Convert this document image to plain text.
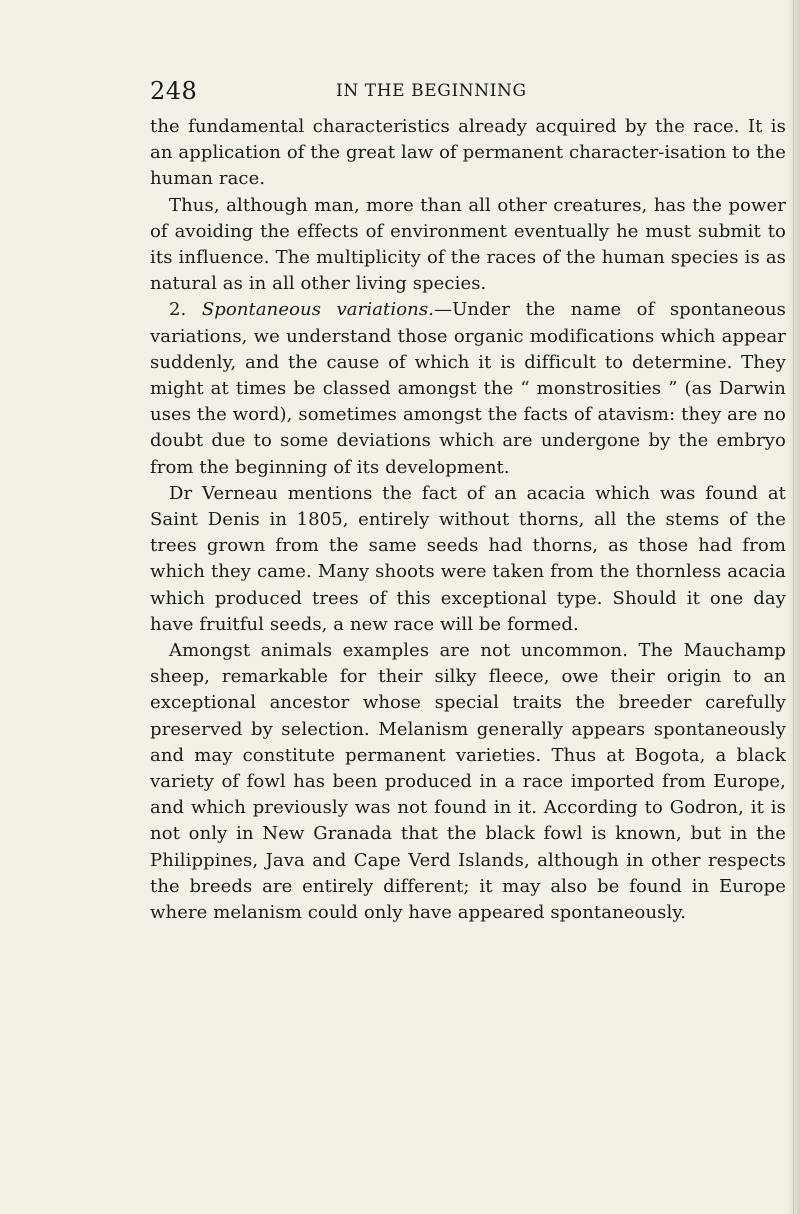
248	IN THE BEGINNING

the fundamental characteristics already acquired by the race. It is an application of the great law of permanent character-isation to the human race.

Thus, although man, more than all other creatures, has the power of avoiding the effects of environment eventually he must submit to its influence. The multiplicity of the races of the human species is as natural as in all other living species.

2. Spontaneous variations.—Under the name of spontaneous variations, we understand those organic modifications which appear suddenly, and the cause of which it is difficult to determine. They might at times be classed amongst the “ monstrosities ” (as Darwin uses the word), sometimes amongst the facts of atavism: they are no doubt due to some deviations which are undergone by the embryo from the beginning of its development.

Dr Verneau mentions the fact of an acacia which was found at Saint Denis in 1805, entirely without thorns, all the stems of the trees grown from the same seeds had thorns, as those had from which they came. Many shoots were taken from the thornless acacia which produced trees of this exceptional type. Should it one day have fruitful seeds, a new race will be formed.

Amongst animals examples are not uncommon. The Mauchamp sheep, remarkable for their silky fleece, owe their origin to an exceptional ancestor whose special traits the breeder carefully preserved by selection. Melanism generally appears spontaneously and may constitute permanent varieties. Thus at Bogota, a black variety of fowl has been produced in a race imported from Europe, and which previously was not found in it. According to Godron, it is not only in New Granada that the black fowl is known, but in the Philippines, Java and Cape Verd Islands, although in other respects the breeds are entirely different; it may also be found in Europe where melanism could only have appeared spontaneously.
